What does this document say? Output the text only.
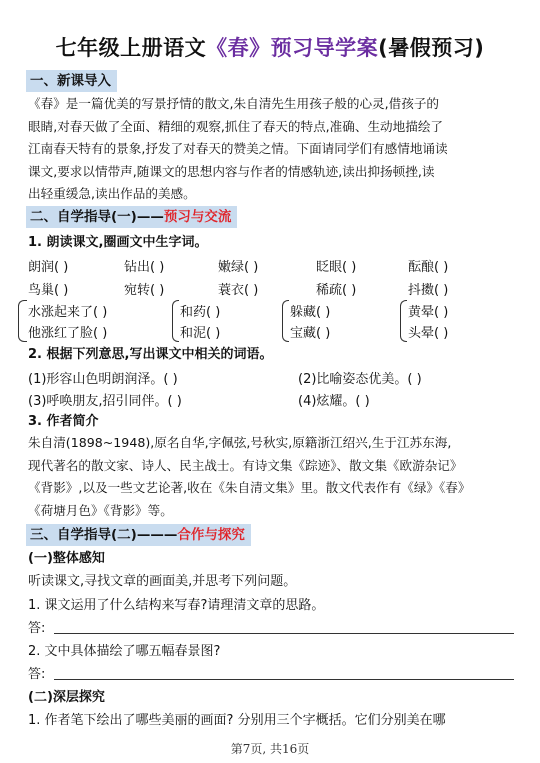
七年级上册语文《春》预习导学案(暑假预习)
一、新课导入
《春》是一篇优美的写景抒情的散文,朱自清先生用孩子般的心灵,借孩子的
眼睛,对春天做了全面、精细的观察,抓住了春天的特点,准确、生动地描绘了
江南春天特有的景象,抒发了对春天的赞美之情。下面请同学们有感情地诵读
课文,要求以情带声,随课文的思想内容与作者的情感轨迹,读出抑扬顿挫,读
出轻重缓急,读出作品的美感。
二、自学指导(一)——预习与交流
1. 朗读课文,圈画文中生字词。
朗润( )	钻出( )	嫩绿( )	眨眼( )	酝酿( )
鸟巢( )	宛转( )	蓑衣( )	稀疏( )	抖擞( )
水涨起来了( )	和药( )	躲藏( )	黄晕( )
他涨红了脸( )	和泥( )	宝藏( )	头晕( )
2. 根据下列意思,写出课文中相关的词语。
(1)形容山色明朗润泽。( )	(2)比喻姿态优美。( )
(3)呼唤朋友,招引同伴。( )	(4)炫耀。( )
3. 作者简介
朱自清(1898~1948),原名自华,字佩弦,号秋实,原籍浙江绍兴,生于江苏东海,
现代著名的散文家、诗人、民主战士。有诗文集《踪迹》、散文集《欧游杂记》
《背影》,以及一些文艺论著,收在《朱自清文集》里。散文代表作有《绿》《春》
《荷塘月色》《背影》等。
三、自学指导(二)———合作与探究
(一)整体感知
听读课文,寻找文章的画面美,并思考下列问题。
1. 课文运用了什么结构来写春?请理清文章的思路。
答:
2. 文中具体描绘了哪五幅春景图?
答:
(二)深层探究
1. 作者笔下绘出了哪些美丽的画面? 分别用三个字概括。它们分别美在哪
第7页, 共16页
